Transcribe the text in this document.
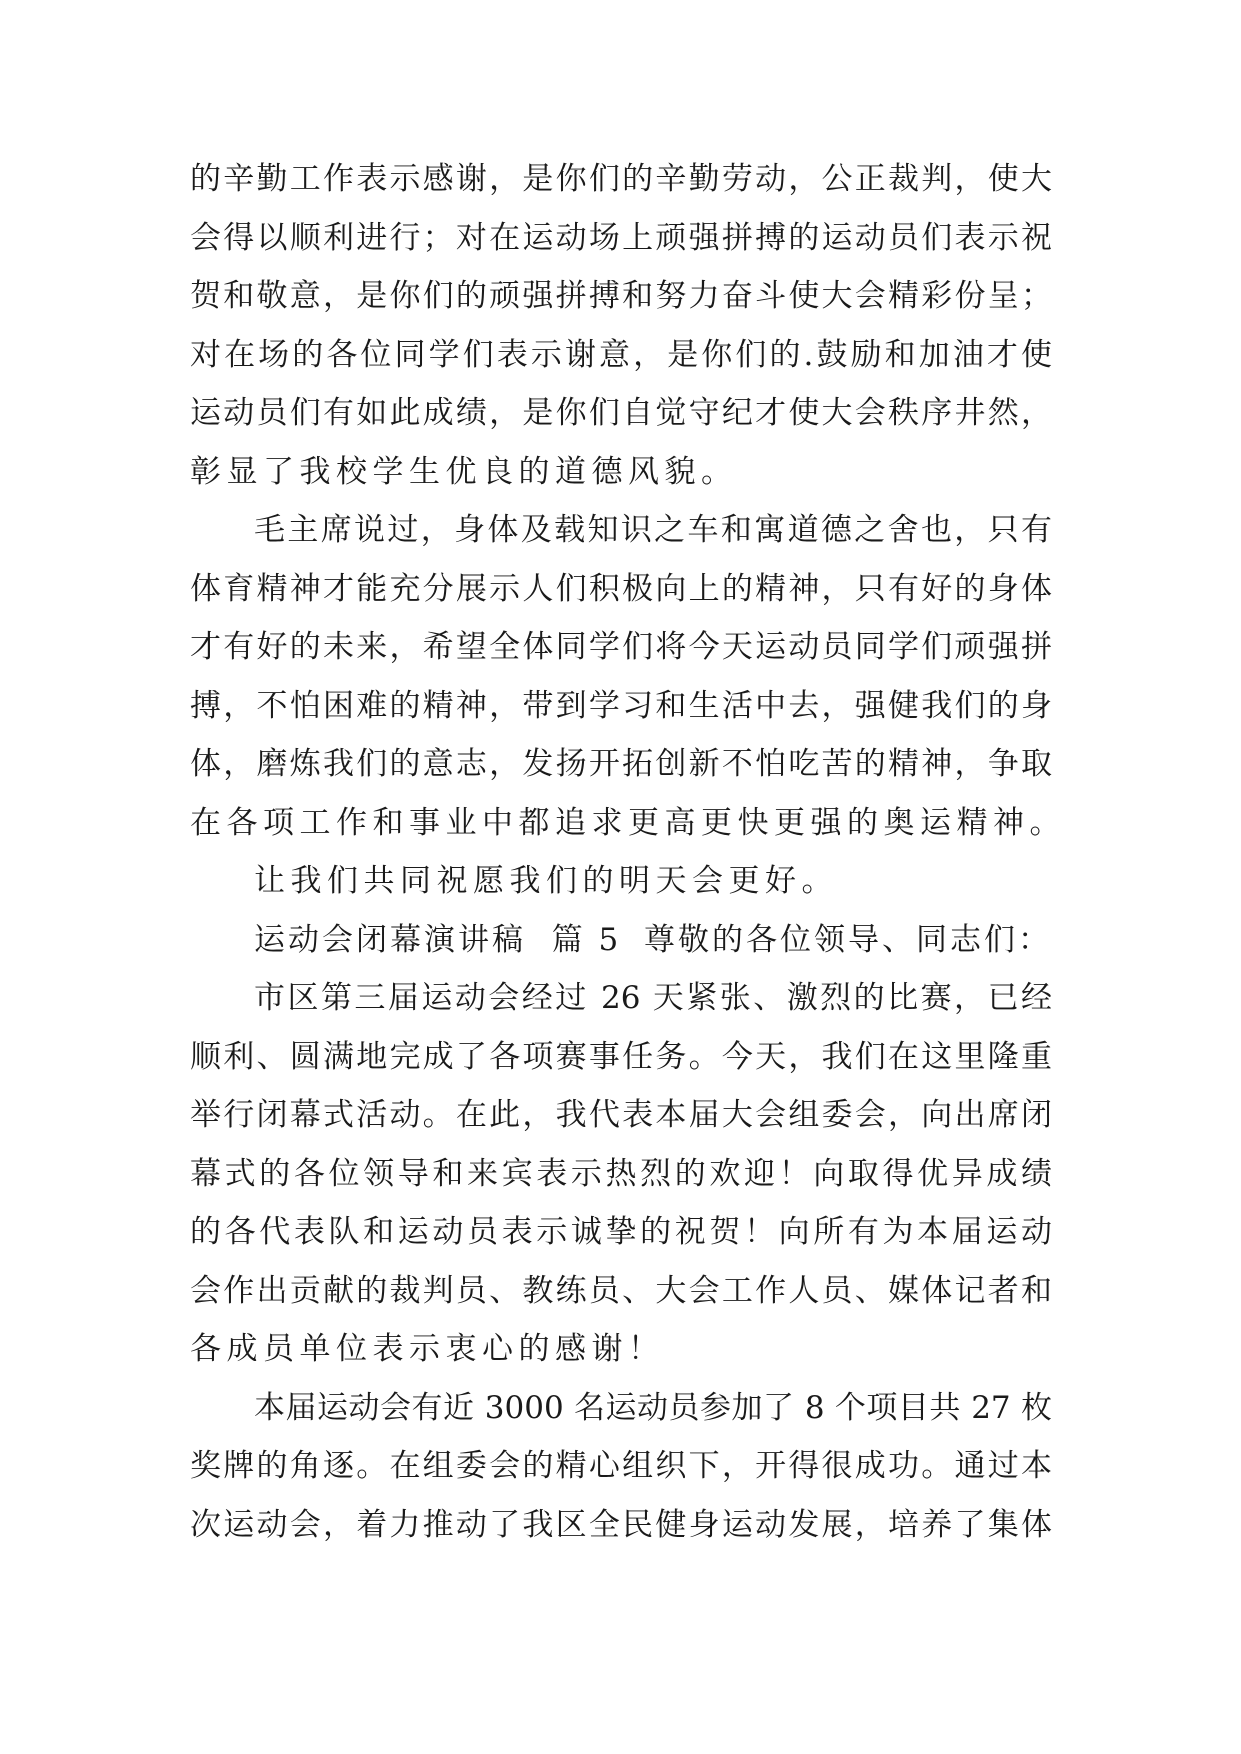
的辛勤工作表示感谢，是你们的辛勤劳动，公正裁判，使大
会得以顺利进行；对在运动场上顽强拼搏的运动员们表示祝
贺和敬意，是你们的顽强拼搏和努力奋斗使大会精彩份呈；
对在场的各位同学们表示谢意，是你们的.鼓励和加油才使
运动员们有如此成绩，是你们自觉守纪才使大会秩序井然，
彰显了我校学生优良的道德风貌。
毛主席说过，身体及载知识之车和寓道德之舍也，只有
体育精神才能充分展示人们积极向上的精神，只有好的身体
才有好的未来，希望全体同学们将今天运动员同学们顽强拼
搏，不怕困难的精神，带到学习和生活中去，强健我们的身
体，磨炼我们的意志，发扬开拓创新不怕吃苦的精神，争取
在各项工作和事业中都追求更高更快更强的奥运精神。
让我们共同祝愿我们的明天会更好。
运动会闭幕演讲稿  篇 5 尊敬的各位领导、同志们：
市区第三届运动会经过 26 天紧张、激烈的比赛，已经
顺利、圆满地完成了各项赛事任务。今天，我们在这里隆重
举行闭幕式活动。在此，我代表本届大会组委会，向出席闭
幕式的各位领导和来宾表示热烈的欢迎！向取得优异成绩
的各代表队和运动员表示诚挚的祝贺！向所有为本届运动
会作出贡献的裁判员、教练员、大会工作人员、媒体记者和
各成员单位表示衷心的感谢！
本届运动会有近 3000 名运动员参加了 8 个项目共 27 枚
奖牌的角逐。在组委会的精心组织下，开得很成功。通过本
次运动会，着力推动了我区全民健身运动发展，培养了集体
